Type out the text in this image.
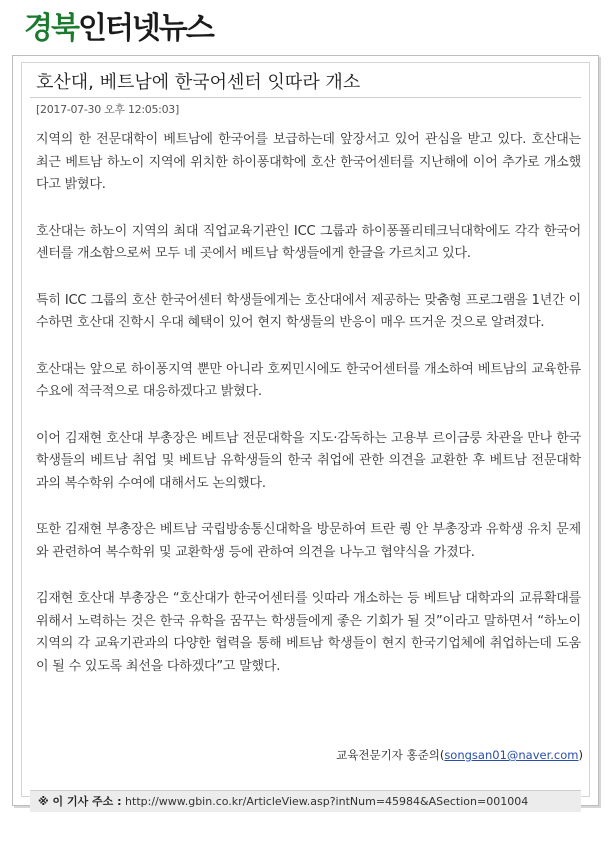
경북인터넷뉴스
호산대, 베트남에 한국어센터 잇따라 개소
[2017-07-30 오후 12:05:03]

지역의 한 전문대학이 베트남에 한국어를 보급하는데 앞장서고 있어 관심을 받고 있다. 호산대는 최근 베트남 하노이 지역에 위치한 하이퐁대학에 호산 한국어센터를 지난해에 이어 추가로 개소했다고 밝혔다.

호산대는 하노이 지역의 최대 직업교육기관인 ICC 그룹과 하이퐁폴리테크닉대학에도 각각 한국어센터를 개소함으로써 모두 네 곳에서 베트남 학생들에게 한글을 가르치고 있다.

특히 ICC 그룹의 호산 한국어센터 학생들에게는 호산대에서 제공하는 맞춤형 프로그램을 1년간 이수하면 호산대 진학시 우대 혜택이 있어 현지 학생들의 반응이 매우 뜨거운 것으로 알려졌다.

호산대는 앞으로 하이퐁지역 뿐만 아니라 호찌민시에도 한국어센터를 개소하여 베트남의 교육한류 수요에 적극적으로 대응하겠다고 밝혔다.

이어 김재현 호산대 부총장은 베트남 전문대학을 지도·감독하는 고용부 르이금룽 차관을 만나 한국 학생들의 베트남 취업 및 베트남 유학생들의 한국 취업에 관한 의견을 교환한 후 베트남 전문대학과의 복수학위 수여에 대해서도 논의했다.

또한 김재현 부총장은 베트남 국립방송통신대학을 방문하여 트란 퀑 안 부총장과 유학생 유치 문제와 관련하여 복수학위 및 교환학생 등에 관하여 의견을 나누고 협약식을 가졌다.

김재현 호산대 부총장은 “호산대가 한국어센터를 잇따라 개소하는 등 베트남 대학과의 교류확대를 위해서 노력하는 것은 한국 유학을 꿈꾸는 학생들에게 좋은 기회가 될 것”이라고 말하면서 “하노이 지역의 각 교육기관과의 다양한 협력을 통해 베트남 학생들이 현지 한국기업체에 취업하는데 도움이 될 수 있도록 최선을 다하겠다”고 말했다.

교육전문기자 홍준의(songsan01@naver.com)
※ 이 기사 주소 : http://www.gbin.co.kr/ArticleView.asp?intNum=45984&ASection=001004
